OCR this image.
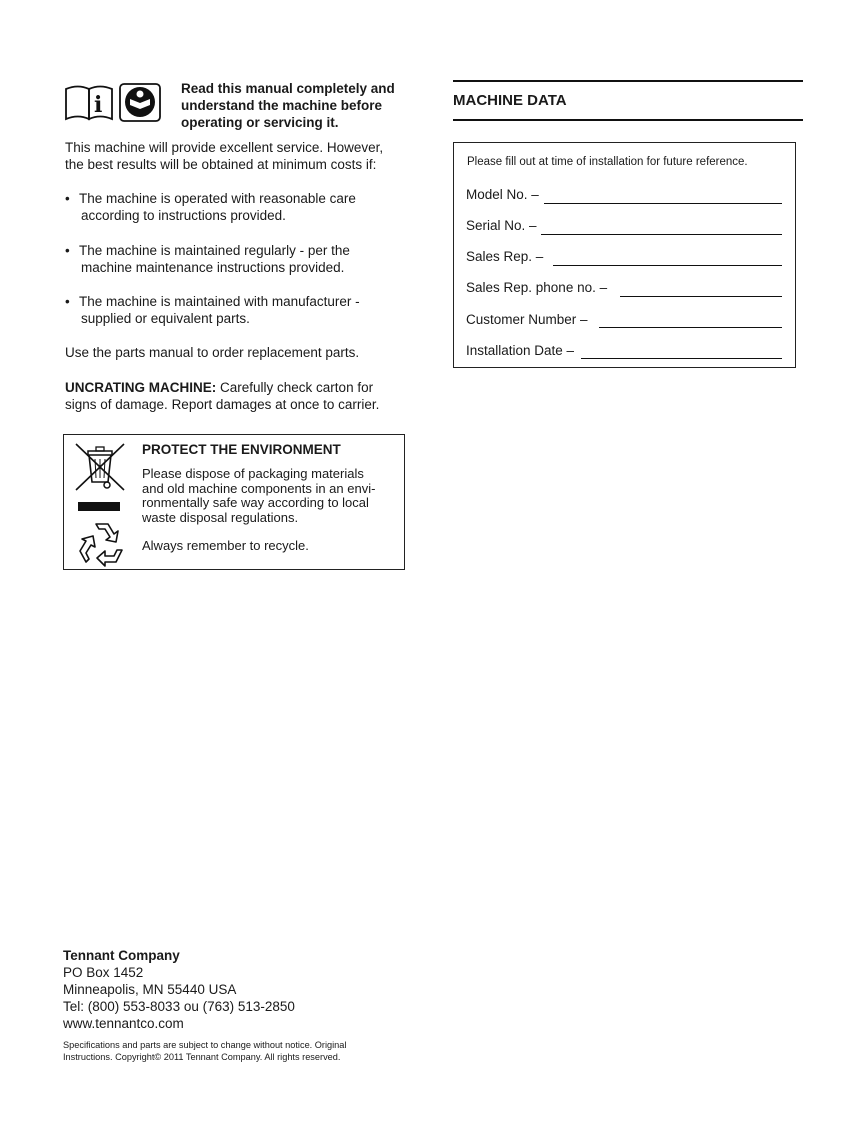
i
Read this manual completely and
understand the machine before
operating or servicing it.
This machine will provide excellent service. However,
the best results will be obtained at minimum costs if:
• The machine is operated with reasonable care
according to instructions provided.
• The machine is maintained regularly - per the
machine maintenance instructions provided.
• The machine is maintained with manufacturer -
supplied or equivalent parts.
Use the parts manual to order replacement parts.
UNCRATING MACHINE: Carefully check carton for
signs of damage. Report damages at once to carrier.
PROTECT THE ENVIRONMENT
Please dispose of packaging materials
and old machine components in an envi-
ronmentally safe way according to local
waste disposal regulations.
Always remember to recycle.
MACHINE DATA
Please fill out at time of installation for future reference.
Model No. –
Serial No. –
Sales Rep. –
Sales Rep. phone no. –
Customer Number –
Installation Date –
Tennant Company
PO Box 1452
Minneapolis, MN 55440 USA
Tel: (800) 553-8033 ou (763) 513-2850
www.tennantco.com
Specifications and parts are subject to change without notice. Original
Instructions. Copyright© 2011 Tennant Company. All rights reserved.
